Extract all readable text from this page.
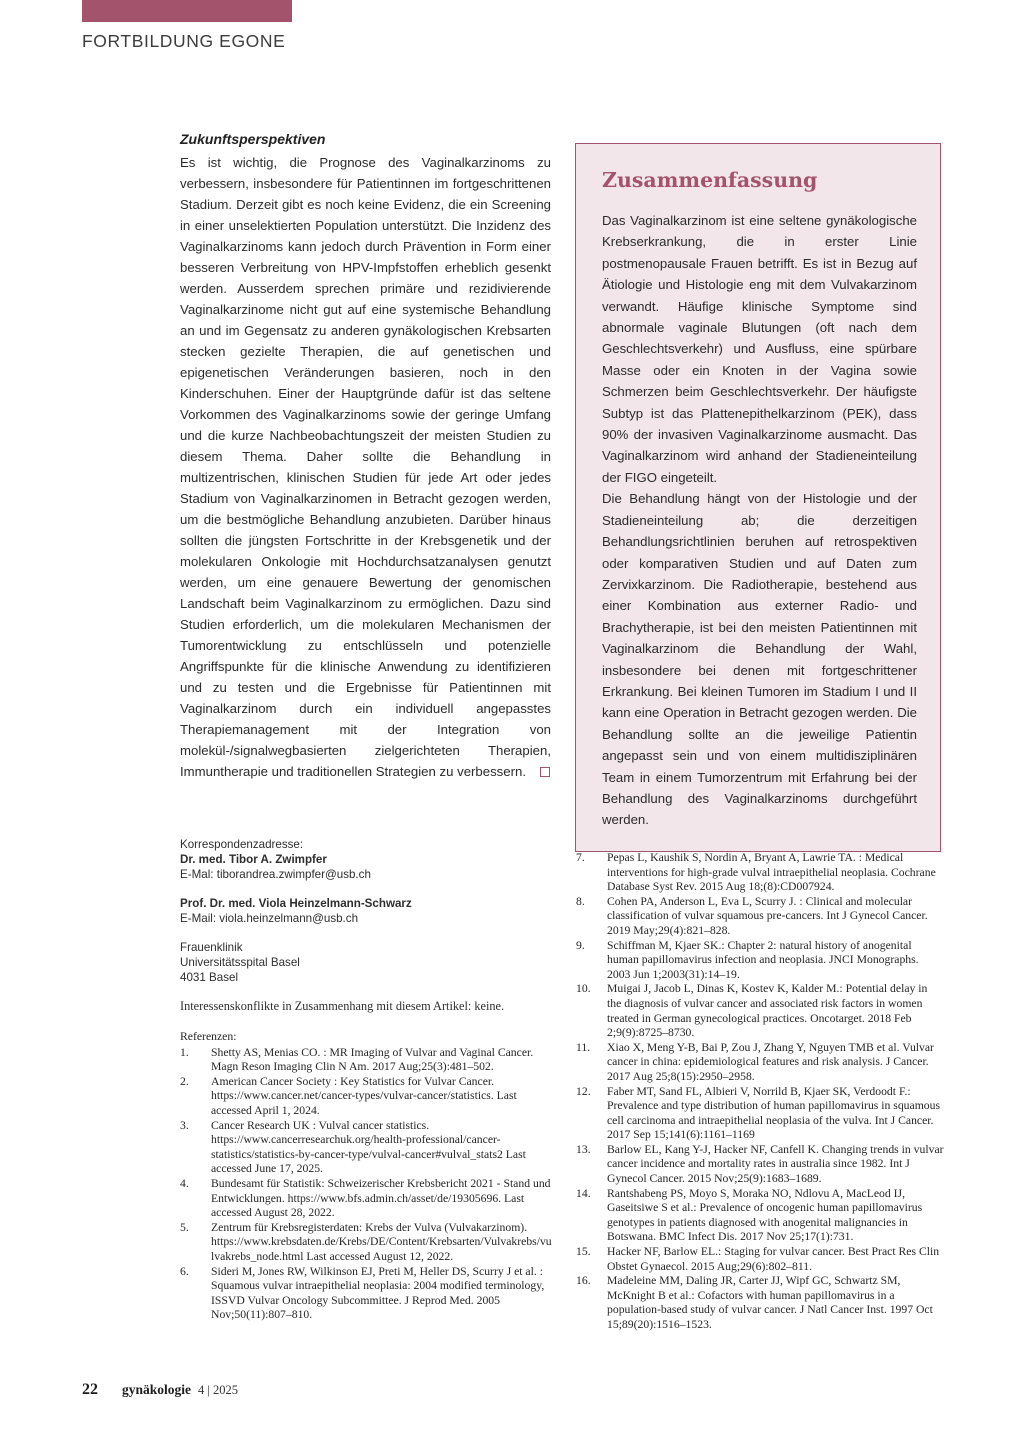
FORTBILDUNG EGONE
Zukunftsperspektiven
Es ist wichtig, die Prognose des Vaginalkarzinoms zu verbessern, insbesondere für Patientinnen im fortgeschrittenen Stadium. Derzeit gibt es noch keine Evidenz, die ein Screening in einer unselektierten Population unterstützt. Die Inzidenz des Vaginalkarzinoms kann jedoch durch Prävention in Form einer besseren Verbreitung von HPV-Impfstoffen erheblich gesenkt werden. Ausserdem sprechen primäre und rezidivierende Vaginalkarzinome nicht gut auf eine systemische Behandlung an und im Gegensatz zu anderen gynäkologischen Krebsarten stecken gezielte Therapien, die auf genetischen und epigenetischen Veränderungen basieren, noch in den Kinderschuhen. Einer der Hauptgründe dafür ist das seltene Vorkommen des Vaginalkarzinoms sowie der geringe Umfang und die kurze Nachbeobachtungszeit der meisten Studien zu diesem Thema. Daher sollte die Behandlung in multizentrischen, klinischen Studien für jede Art oder jedes Stadium von Vaginalkarzinomen in Betracht gezogen werden, um die bestmögliche Behandlung anzubieten. Darüber hinaus sollten die jüngsten Fortschritte in der Krebsgenetik und der molekularen Onkologie mit Hochdurchsatzanalysen genutzt werden, um eine genauere Bewertung der genomischen Landschaft beim Vaginalkarzinom zu ermöglichen. Dazu sind Studien erforderlich, um die molekularen Mechanismen der Tumorentwicklung zu entschlüsseln und potenzielle Angriffspunkte für die klinische Anwendung zu identifizieren und zu testen und die Ergebnisse für Patientinnen mit Vaginalkarzinom durch ein individuell angepasstes Therapiemanagement mit der Integration von molekül-/signalwegbasierten zielgerichteten Therapien, Immuntherapie und traditionellen Strategien zu verbessern.
Zusammenfassung
Das Vaginalkarzinom ist eine seltene gynäkologische Krebserkrankung, die in erster Linie postmenopausale Frauen betrifft. Es ist in Bezug auf Ätiologie und Histologie eng mit dem Vulvakarzinom verwandt. Häufige klinische Symptome sind abnormale vaginale Blutungen (oft nach dem Geschlechtsverkehr) und Ausfluss, eine spürbare Masse oder ein Knoten in der Vagina sowie Schmerzen beim Geschlechtsverkehr. Der häufigste Subtyp ist das Plattenepithelkarzinom (PEK), dass 90% der invasiven Vaginalkarzinome ausmacht. Das Vaginalkarzinom wird anhand der Stadieneinteilung der FIGO eingeteilt.
Die Behandlung hängt von der Histologie und der Stadieneinteilung ab; die derzeitigen Behandlungsrichtlinien beruhen auf retrospektiven oder komparativen Studien und auf Daten zum Zervixkarzinom. Die Radiotherapie, bestehend aus einer Kombination aus externer Radio- und Brachytherapie, ist bei den meisten Patientinnen mit Vaginalkarzinom die Behandlung der Wahl, insbesondere bei denen mit fortgeschrittener Erkrankung. Bei kleinen Tumoren im Stadium I und II kann eine Operation in Betracht gezogen werden. Die Behandlung sollte an die jeweilige Patientin angepasst sein und von einem multidisziplinären Team in einem Tumorzentrum mit Erfahrung bei der Behandlung des Vaginalkarzinoms durchgeführt werden.
Korrespondenzadresse:
Dr. med. Tibor A. Zwimpfer
E-Mal: tiborandrea.zwimpfer@usb.ch
Prof. Dr. med. Viola Heinzelmann-Schwarz
E-Mail: viola.heinzelmann@usb.ch
Frauenklinik
Universitätsspital Basel
4031 Basel
Interessenskonflikte in Zusammenhang mit diesem Artikel: keine.
Referenzen:
1.	Shetty AS, Menias CO. : MR Imaging of Vulvar and Vaginal Cancer. Magn Reson Imaging Clin N Am. 2017 Aug;25(3):481–502.
2.	American Cancer Society : Key Statistics for Vulvar Cancer. https://www.cancer.net/cancer-types/vulvar-cancer/statistics. Last accessed April 1, 2024.
3.	Cancer Research UK : Vulval cancer statistics. https://www.cancerresearchuk.org/health-professional/cancer-statistics/statistics-by-cancer-type/vulval-cancer#vulval_stats2 Last accessed June 17, 2025.
4.	Bundesamt für Statistik: Schweizerischer Krebsbericht 2021 - Stand und Entwicklungen. https://www.bfs.admin.ch/asset/de/19305696. Last accessed August 28, 2022.
5.	Zentrum für Krebsregisterdaten: Krebs der Vulva (Vulvakarzinom). https://www.krebsdaten.de/Krebs/DE/Content/Krebsarten/Vulvakrebs/vulvakrebs_node.html Last accessed August 12, 2022.
6.	Sideri M, Jones RW, Wilkinson EJ, Preti M, Heller DS, Scurry J et al. : Squamous vulvar intraepithelial neoplasia: 2004 modified terminology, ISSVD Vulvar Oncology Subcommittee. J Reprod Med. 2005 Nov;50(11):807–810.
7.	Pepas L, Kaushik S, Nordin A, Bryant A, Lawrie TA. : Medical interventions for high-grade vulval intraepithelial neoplasia. Cochrane Database Syst Rev. 2015 Aug 18;(8):CD007924.
8.	Cohen PA, Anderson L, Eva L, Scurry J. : Clinical and molecular classification of vulvar squamous pre-cancers. Int J Gynecol Cancer. 2019 May;29(4):821–828.
9.	Schiffman M, Kjaer SK.: Chapter 2: natural history of anogenital human papillomavirus infection and neoplasia. JNCI Monographs. 2003 Jun 1;2003(31):14–19.
10.	Muigai J, Jacob L, Dinas K, Kostev K, Kalder M.: Potential delay in the diagnosis of vulvar cancer and associated risk factors in women treated in German gynecological practices. Oncotarget. 2018 Feb 2;9(9):8725–8730.
11.	Xiao X, Meng Y-B, Bai P, Zou J, Zhang Y, Nguyen TMB et al. Vulvar cancer in china: epidemiological features and risk analysis. J Cancer. 2017 Aug 25;8(15):2950–2958.
12.	Faber MT, Sand FL, Albieri V, Norrild B, Kjaer SK, Verdoodt F.: Prevalence and type distribution of human papillomavirus in squamous cell carcinoma and intraepithelial neoplasia of the vulva. Int J Cancer. 2017 Sep 15;141(6):1161–1169
13.	Barlow EL, Kang Y-J, Hacker NF, Canfell K. Changing trends in vulvar cancer incidence and mortality rates in australia since 1982. Int J Gynecol Cancer. 2015 Nov;25(9):1683–1689.
14.	Rantshabeng PS, Moyo S, Moraka NO, Ndlovu A, MacLeod IJ, Gaseitsiwe S et al.: Prevalence of oncogenic human papillomavirus genotypes in patients diagnosed with anogenital malignancies in Botswana. BMC Infect Dis. 2017 Nov 25;17(1):731.
15.	Hacker NF, Barlow EL.: Staging for vulvar cancer. Best Pract Res Clin Obstet Gynaecol. 2015 Aug;29(6):802–811.
16.	Madeleine MM, Daling JR, Carter JJ, Wipf GC, Schwartz SM, McKnight B et al.: Cofactors with human papillomavirus in a population-based study of vulvar cancer. J Natl Cancer Inst. 1997 Oct 15;89(20):1516–1523.
22 gynäkologie 4 | 2025
